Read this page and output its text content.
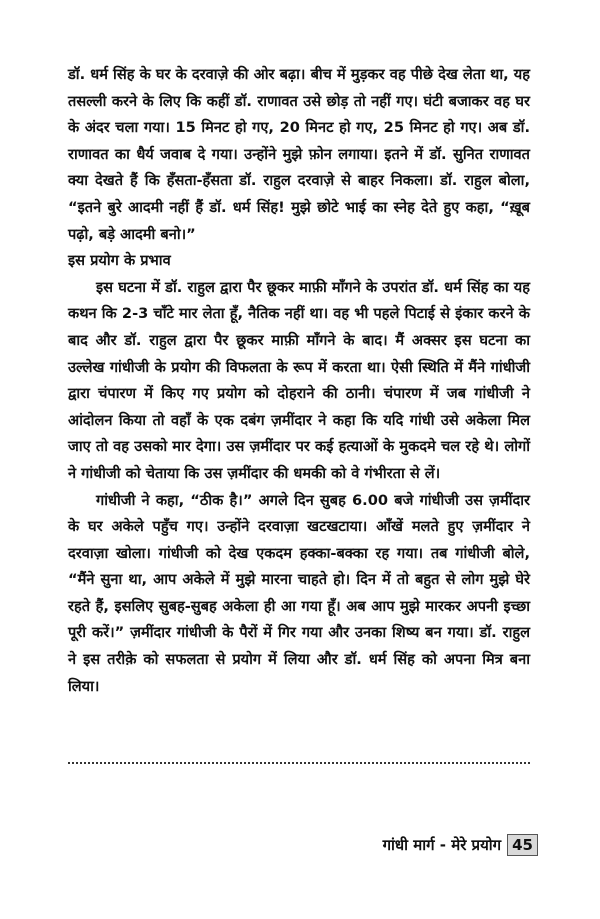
डॉ. धर्म सिंह के घर के दरवाज़े की ओर बढ़ा। बीच में मुड़कर वह पीछे देख लेता था, यह तसल्ली करने के लिए कि कहीं डॉ. राणावत उसे छोड़ तो नहीं गए। घंटी बजाकर वह घर के अंदर चला गया। 15 मिनट हो गए, 20 मिनट हो गए, 25 मिनट हो गए। अब डॉ. राणावत का धैर्य जवाब दे गया। उन्होंने मुझे फ़ोन लगाया। इतने में डॉ. सुनित राणावत क्या देखते हैं कि हँसता-हँसता डॉ. राहुल दरवाज़े से बाहर निकला। डॉ. राहुल बोला, “इतने बुरे आदमी नहीं हैं डॉ. धर्म सिंह! मुझे छोटे भाई का स्नेह देते हुए कहा, “ख़ूब पढ़ो, बड़े आदमी बनो।”

इस प्रयोग के प्रभाव

इस घटना में डॉ. राहुल द्वारा पैर छूकर माफ़ी माँगने के उपरांत डॉ. धर्म सिंह का यह कथन कि 2-3 चाँटे मार लेता हूँ, नैतिक नहीं था। वह भी पहले पिटाई से इंकार करने के बाद और डॉ. राहुल द्वारा पैर छूकर माफ़ी माँगने के बाद। मैं अक्सर इस घटना का उल्लेख गांधीजी के प्रयोग की विफलता के रूप में करता था। ऐसी स्थिति में मैंने गांधीजी द्वारा चंपारण में किए गए प्रयोग को दोहराने की ठानी। चंपारण में जब गांधीजी ने आंदोलन किया तो वहाँ के एक दबंग ज़मींदार ने कहा कि यदि गांधी उसे अकेला मिल जाए तो वह उसको मार देगा। उस ज़मींदार पर कई हत्याओं के मुकदमे चल रहे थे। लोगों ने गांधीजी को चेताया कि उस ज़मींदार की धमकी को वे गंभीरता से लें।

गांधीजी ने कहा, “ठीक है।” अगले दिन सुबह 6.00 बजे गांधीजी उस ज़मींदार के घर अकेले पहुँच गए। उन्होंने दरवाज़ा खटखटाया। आँखें मलते हुए ज़मींदार ने दरवाज़ा खोला। गांधीजी को देख एकदम हक्का-बक्का रह गया। तब गांधीजी बोले, “मैंने सुना था, आप अकेले में मुझे मारना चाहते हो। दिन में तो बहुत से लोग मुझे घेरे रहते हैं, इसलिए सुबह-सुबह अकेला ही आ गया हूँ। अब आप मुझे मारकर अपनी इच्छा पूरी करें।” ज़मींदार गांधीजी के पैरों में गिर गया और उनका शिष्य बन गया। डॉ. राहुल ने इस तरीक़े को सफलता से प्रयोग में लिया और डॉ. धर्म सिंह को अपना मित्र बना लिया।

गांधी मार्ग - मेरे प्रयोग 45
